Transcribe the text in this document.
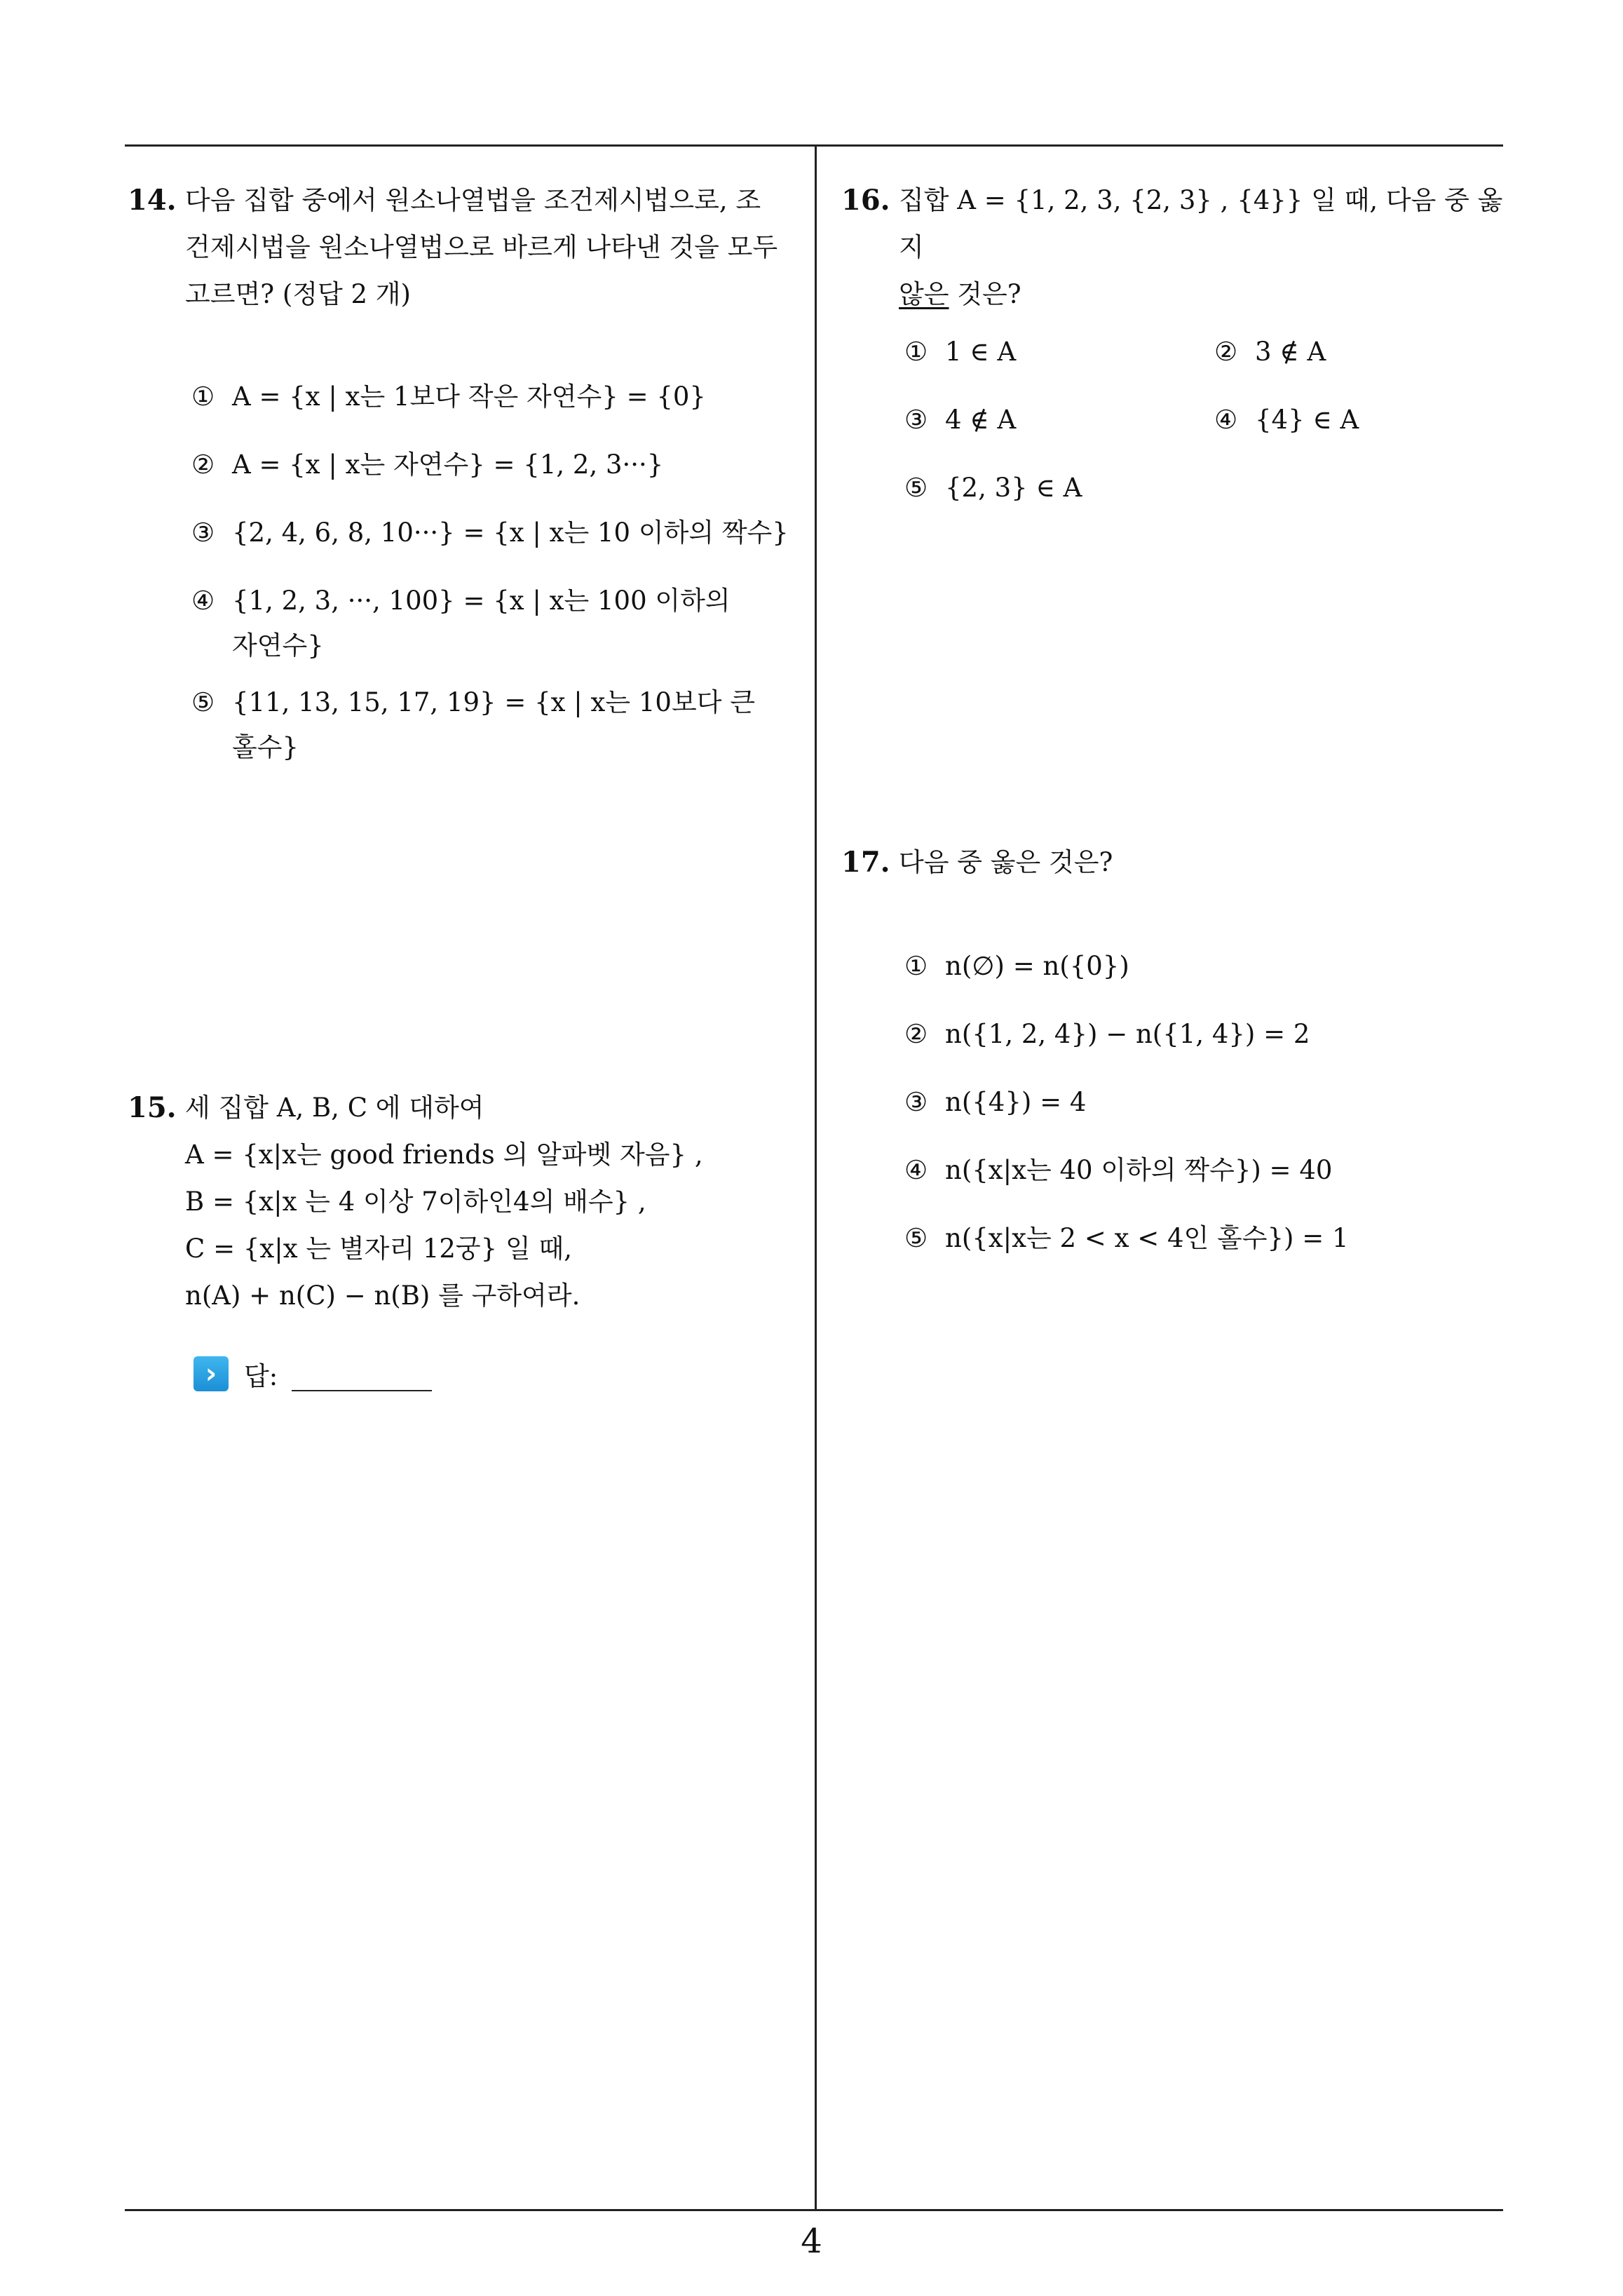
14. 다음 집합 중에서 원소나열법을 조건제시법으로, 조
건제시법을 원소나열법으로 바르게 나타낸 것을 모두
고르면? (정답 2 개)
① A = {x | x는 1보다 작은 자연수} = {0}
② A = {x | x는 자연수} = {1, 2, 3···}
③ {2, 4, 6, 8, 10···} = {x | x는 10 이하의 짝수}
④ {1, 2, 3, ···, 100} = {x | x는 100 이하의
자연수}
⑤ {11, 13, 15, 17, 19} = {x | x는 10보다 큰
홀수}
15. 세 집합 A, B, C 에 대하여
A = {x|x는 good friends 의 알파벳 자음} ,
B = {x|x 는 4 이상 7이하인4의 배수} ,
C = {x|x 는 별자리 12궁} 일 때,
n(A) + n(C) − n(B) 를 구하여라.
›	답:
16. 집합 A = {1, 2, 3, {2, 3} , {4}} 일 때, 다음 중 옳지
않은 것은?
① 1 ∈ A	② 3 ∉ A
③ 4 ∉ A	④ {4} ∈ A
⑤ {2, 3} ∈ A
17. 다음 중 옳은 것은?
① n(∅) = n({0})
② n({1, 2, 4}) − n({1, 4}) = 2
③ n({4}) = 4
④ n({x|x는 40 이하의 짝수}) = 40
⑤ n({x|x는 2 < x < 4인 홀수}) = 1
4
